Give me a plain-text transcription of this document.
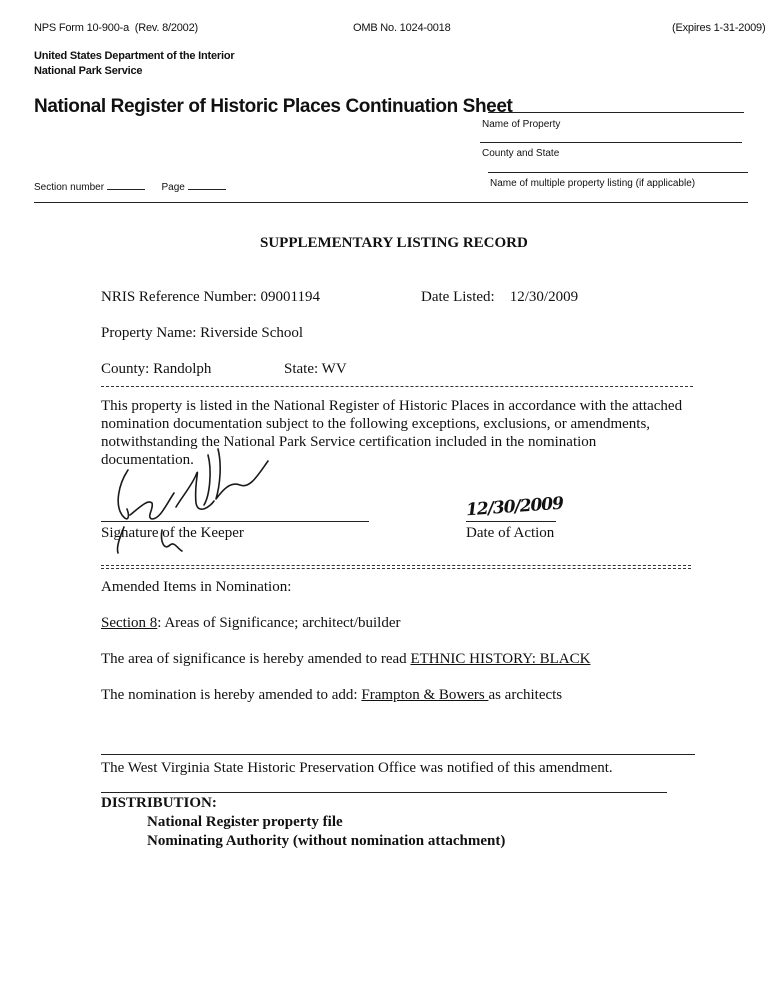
NPS Form 10-900-a (Rev. 8/2002)	OMB No. 1024-0018	(Expires 1-31-2009)
United States Department of the Interior
National Park Service
National Register of Historic Places Continuation Sheet
Name of Property
County and State
Name of multiple property listing (if applicable)
Section number	Page
SUPPLEMENTARY LISTING RECORD
NRIS Reference Number: 09001194	Date Listed: 12/30/2009
Property Name: Riverside School
County: Randolph	State: WV
This property is listed in the National Register of Historic Places in accordance with the attached
nomination documentation subject to the following exceptions, exclusions, or amendments,
notwithstanding the National Park Service certification included in the nomination
documentation.
Signature of the Keeper
12/30/2009
Date of Action
Amended Items in Nomination:
Section 8: Areas of Significance; architect/builder
The area of significance is hereby amended to read ETHNIC HISTORY: BLACK
The nomination is hereby amended to add: Frampton & Bowers as architects
The West Virginia State Historic Preservation Office was notified of this amendment.
DISTRIBUTION:
National Register property file
Nominating Authority (without nomination attachment)
